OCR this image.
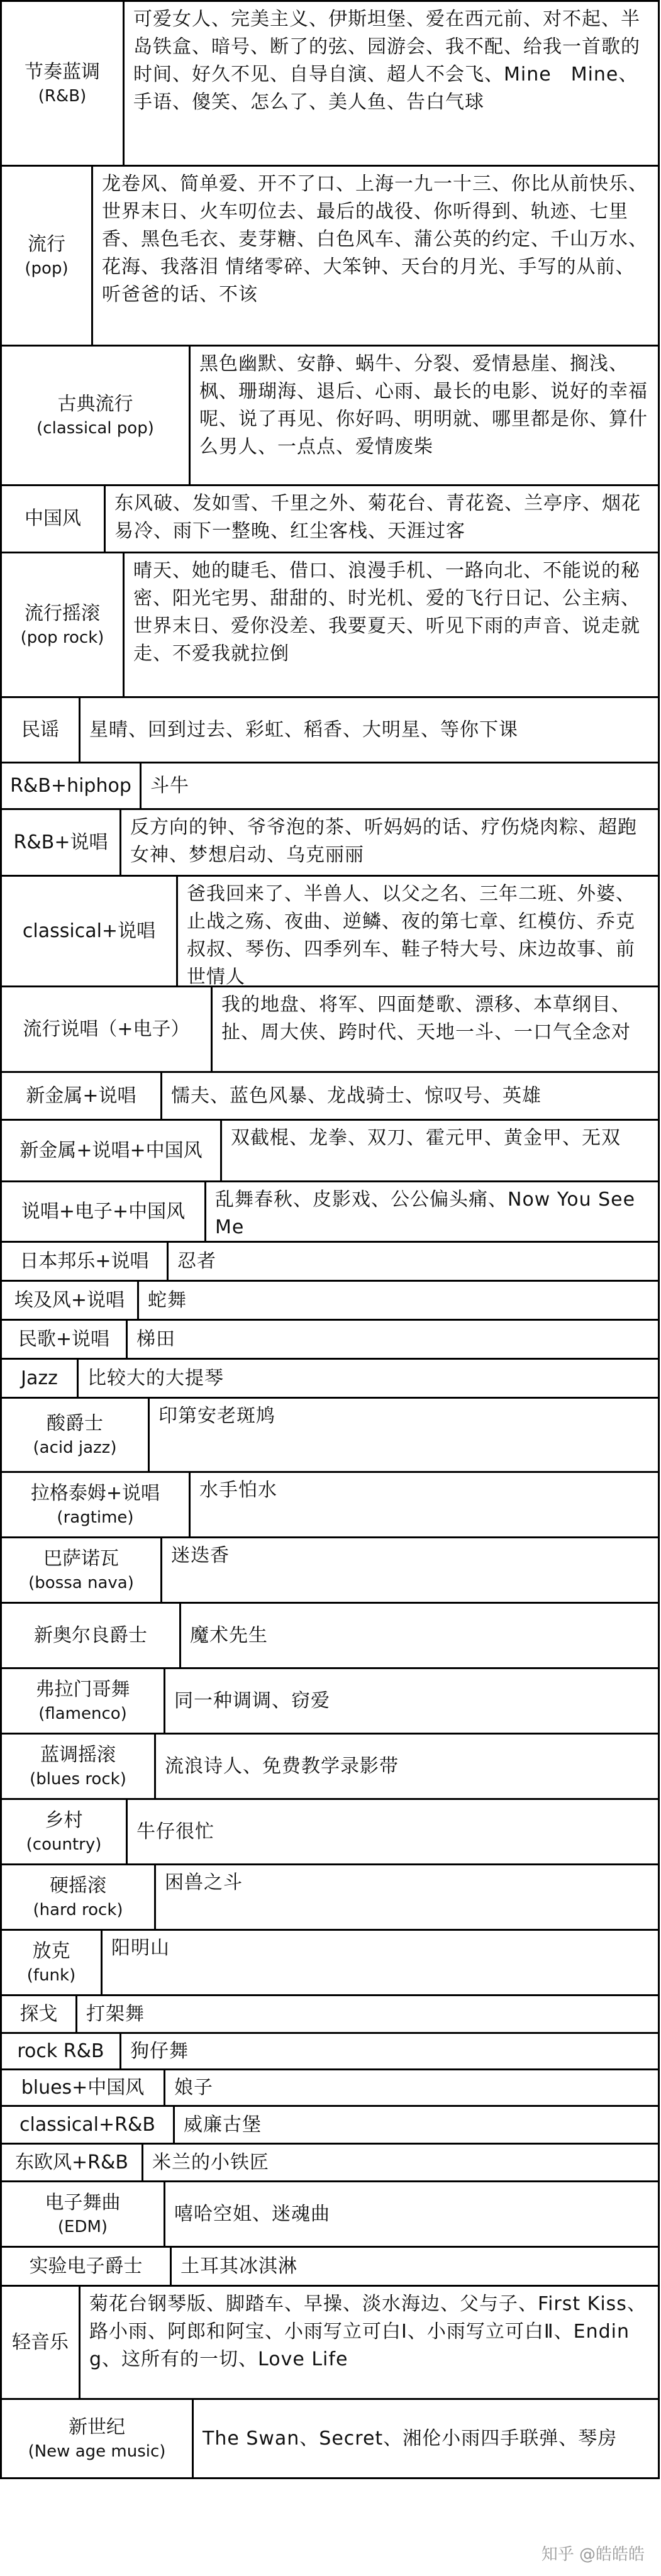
节奏蓝调
(R&B)
可爱女人、完美主义、伊斯坦堡、爱在西元前、对不起、半岛铁盒、暗号、断了的弦、园游会、我不配、给我一首歌的时间、好久不见、自导自演、超人不会飞、Mine　Mine、手语、傻笑、怎么了、美人鱼、告白气球
流行
(pop)
龙卷风、简单爱、开不了口、上海一九一十三、你比从前快乐、世界末日、火车叨位去、最后的战役、你听得到、轨迹、七里香、黑色毛衣、麦芽糖、白色风车、蒲公英的约定、千山万水、花海、我落泪 情绪零碎、大笨钟、天台的月光、手写的从前、听爸爸的话、不该
古典流行
(classical pop)
黑色幽默、安静、蜗牛、分裂、爱情悬崖、搁浅、枫、珊瑚海、退后、心雨、最长的电影、说好的幸福呢、说了再见、你好吗、明明就、哪里都是你、算什么男人、一点点、爱情废柴
中国风
东风破、发如雪、千里之外、菊花台、青花瓷、兰亭序、烟花易冷、雨下一整晚、红尘客栈、天涯过客
流行摇滚
(pop rock)
晴天、她的睫毛、借口、浪漫手机、一路向北、不能说的秘密、阳光宅男、甜甜的、时光机、爱的飞行日记、公主病、世界末日、爱你没差、我要夏天、听见下雨的声音、说走就走、不爱我就拉倒
民谣 星晴、回到过去、彩虹、稻香、大明星、等你下课
R&B+hiphop 斗牛
R&B+说唱
反方向的钟、爷爷泡的茶、听妈妈的话、疗伤烧肉粽、超跑女神、梦想启动、乌克丽丽
classical+说唱
爸我回来了、半兽人、以父之名、三年二班、外婆、止战之殇、夜曲、逆鳞、夜的第七章、红模仿、乔克叔叔、琴伤、四季列车、鞋子特大号、床边故事、前世情人
流行说唱（+电子）
我的地盘、将军、四面楚歌、漂移、本草纲目、扯、周大侠、跨时代、天地一斗、一口气全念对
新金属+说唱 懦夫、蓝色风暴、龙战骑士、惊叹号、英雄
新金属+说唱+中国风
双截棍、龙拳、双刀、霍元甲、黄金甲、无双
说唱+电子+中国风
乱舞春秋、皮影戏、公公偏头痛、Now You See Me
日本邦乐+说唱 忍者
埃及风+说唱 蛇舞
民歌+说唱 梯田
Jazz 比较大的大提琴
酸爵士
(acid jazz)
印第安老斑鸠
拉格泰姆+说唱
(ragtime)
水手怕水
巴萨诺瓦
(bossa nava)
迷迭香
新奥尔良爵士 魔术先生
弗拉门哥舞
(flamenco)
同一种调调、窃爱
蓝调摇滚
(blues rock)
流浪诗人、免费教学录影带
乡村
(country)
牛仔很忙
硬摇滚
(hard rock)
困兽之斗
放克
(funk)
阳明山
探戈 打架舞
rock R&B 狗仔舞
blues+中国风 娘子
classical+R&B 威廉古堡
东欧风+R&B 米兰的小铁匠
电子舞曲
(EDM)
嘻哈空姐、迷魂曲
实验电子爵士 土耳其冰淇淋
轻音乐
菊花台钢琴版、脚踏车、早操、淡水海边、父与子、First Kiss、路小雨、阿郎和阿宝、小雨写立可白Ⅰ、小雨写立可白Ⅱ、Ending、这所有的一切、Love Life
新世纪
(New age music)
The Swan、Secret、湘伦小雨四手联弹、琴房
知乎 @皓皓皓
